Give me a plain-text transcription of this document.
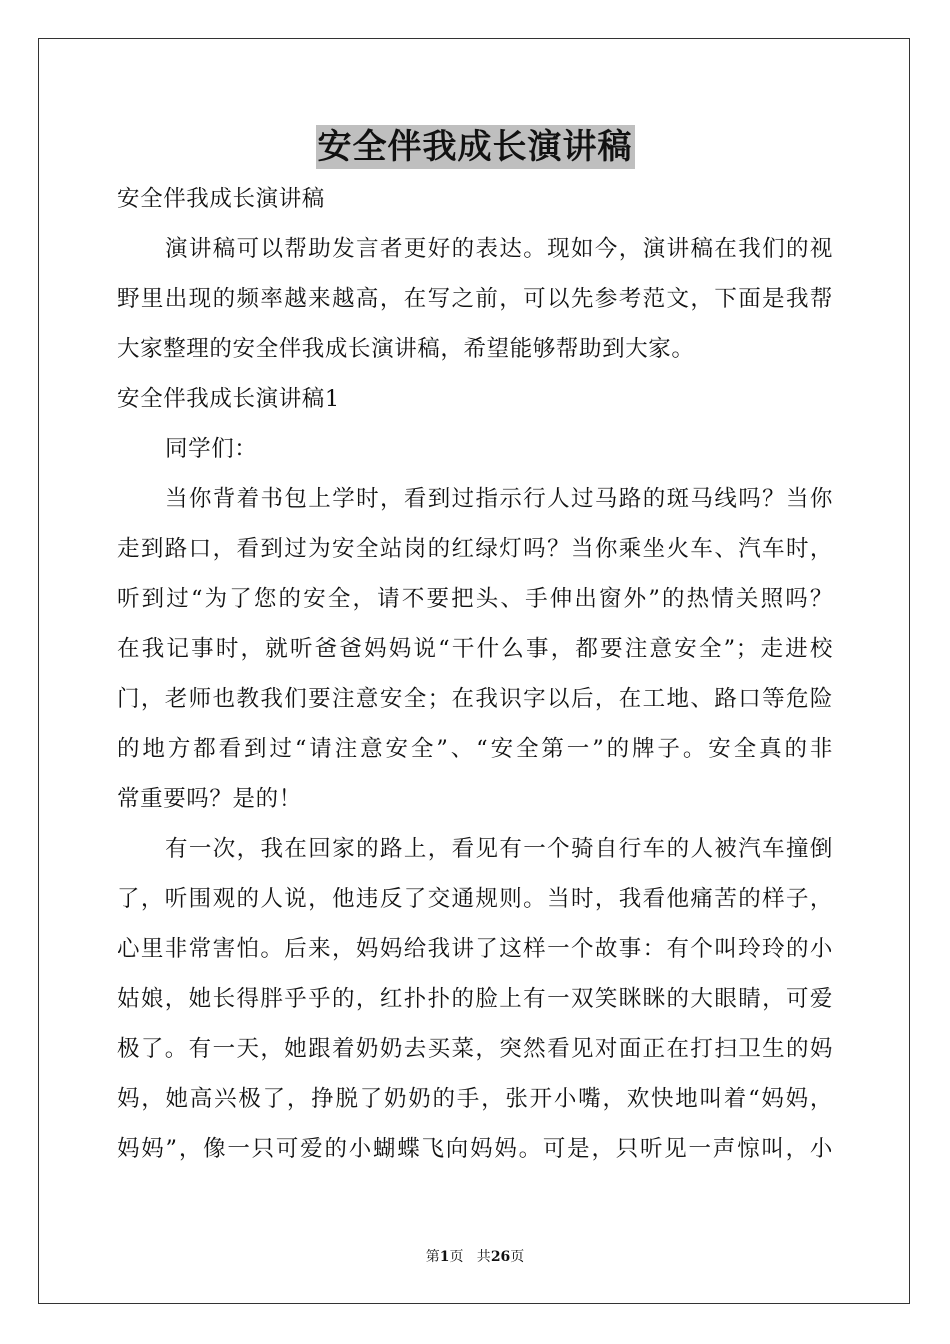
安全伴我成长演讲稿
安全伴我成长演讲稿
演讲稿可以帮助发言者更好的表达。现如今，演讲稿在我们的视
野里出现的频率越来越高，在写之前，可以先参考范文，下面是我帮
大家整理的安全伴我成长演讲稿，希望能够帮助到大家。
安全伴我成长演讲稿1
同学们：
当你背着书包上学时，看到过指示行人过马路的斑马线吗？当你
走到路口，看到过为安全站岗的红绿灯吗？当你乘坐火车、汽车时，
听到过“为了您的安全，请不要把头、手伸出窗外”的热情关照吗？
在我记事时，就听爸爸妈妈说“干什么事，都要注意安全”；走进校
门，老师也教我们要注意安全；在我识字以后，在工地、路口等危险
的地方都看到过“请注意安全”、“安全第一”的牌子。安全真的非
常重要吗？是的！
有一次，我在回家的路上，看见有一个骑自行车的人被汽车撞倒
了，听围观的人说，他违反了交通规则。当时，我看他痛苦的样子，
心里非常害怕。后来，妈妈给我讲了这样一个故事：有个叫玲玲的小
姑娘，她长得胖乎乎的，红扑扑的脸上有一双笑眯眯的大眼睛，可爱
极了。有一天，她跟着奶奶去买菜，突然看见对面正在打扫卫生的妈
妈，她高兴极了，挣脱了奶奶的手，张开小嘴，欢快地叫着“妈妈，
妈妈”，像一只可爱的小蝴蝶飞向妈妈。可是，只听见一声惊叫，小
第1页   共26页
